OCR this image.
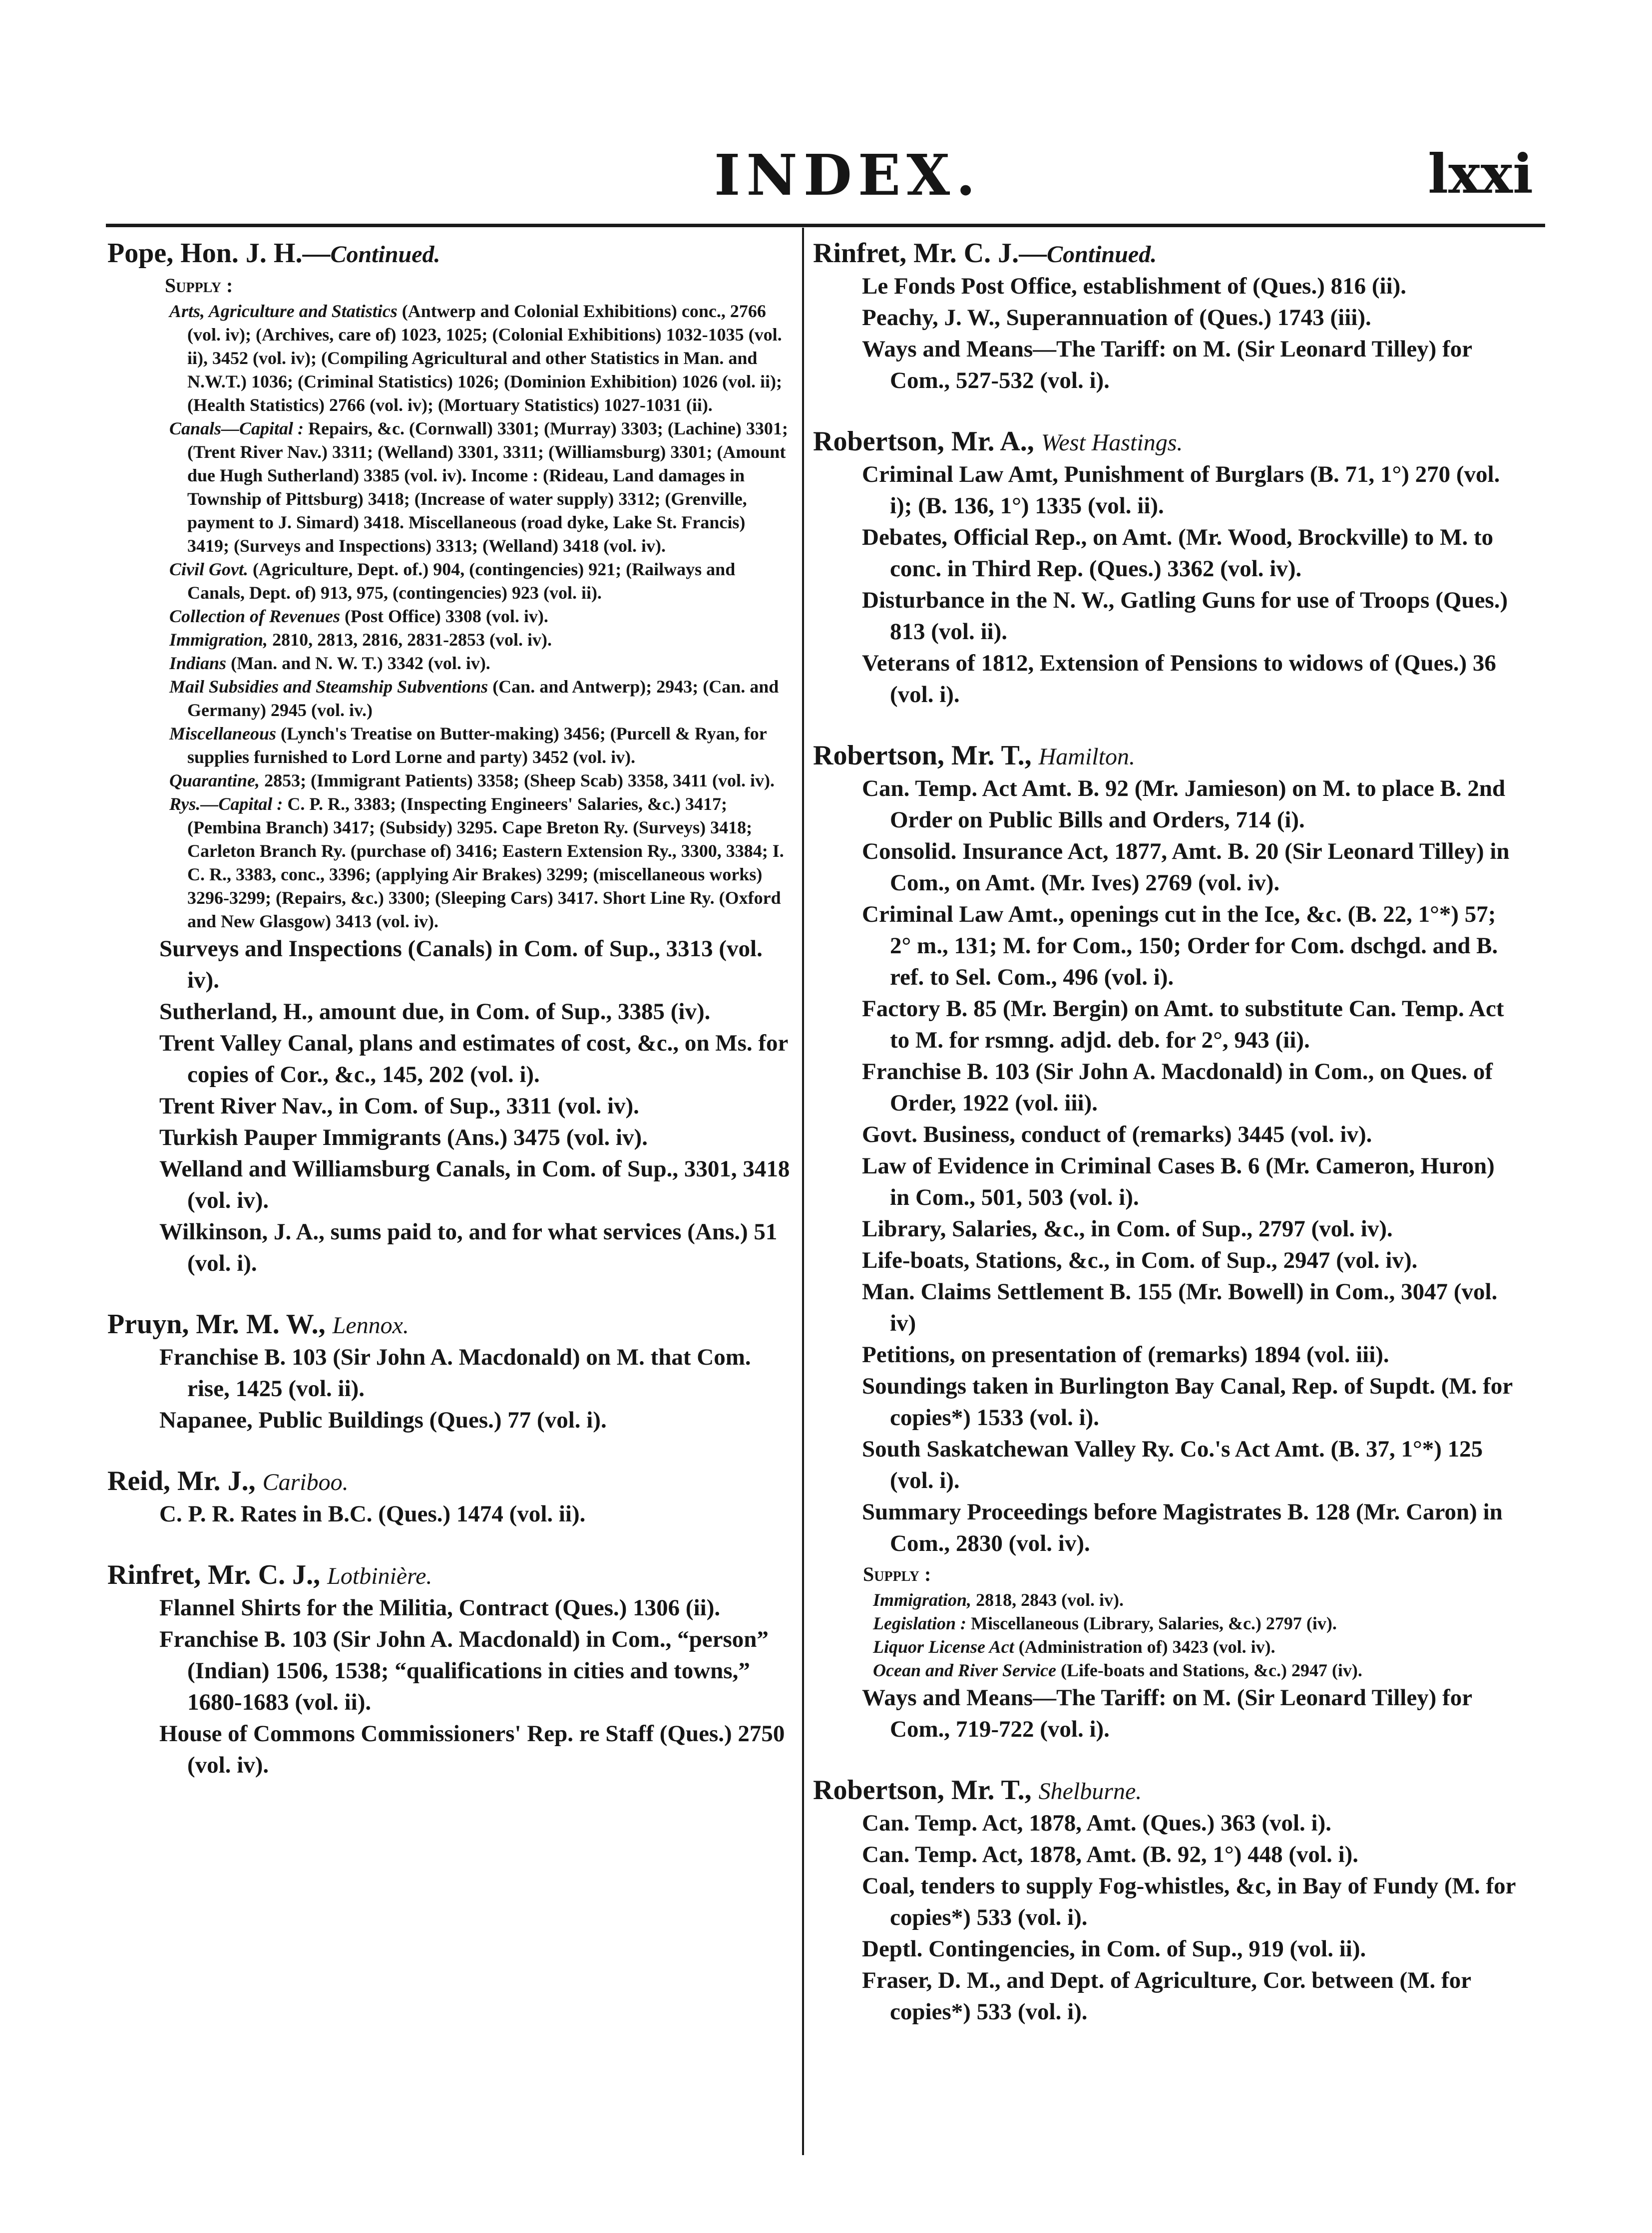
INDEX.	lxxi

Pope, Hon. J. H.—Continued.

Supply :

Arts, Agriculture and Statistics (Antwerp and Colonial Exhibitions) conc., 2766 (vol. iv); (Archives, care of) 1023, 1025; (Colonial Exhibitions) 1032-1035 (vol. ii), 3452 (vol. iv); (Compiling Agricultural and other Statistics in Man. and N.W.T.) 1036; (Criminal Statistics) 1026; (Dominion Exhibition) 1026 (vol. ii); (Health Statistics) 2766 (vol. iv); (Mortuary Statistics) 1027-1031 (ii).

Canals—Capital : Repairs, &c. (Cornwall) 3301; (Murray) 3303; (Lachine) 3301; (Trent River Nav.) 3311; (Welland) 3301, 3311; (Williamsburg) 3301; (Amount due Hugh Sutherland) 3385 (vol. iv). Income : (Rideau, Land damages in Township of Pittsburg) 3418; (Increase of water supply) 3312; (Grenville, payment to J. Simard) 3418. Miscellaneous (road dyke, Lake St. Francis) 3419; (Surveys and Inspections) 3313; (Welland) 3418 (vol. iv).

Civil Govt. (Agriculture, Dept. of.) 904, (contingencies) 921; (Railways and Canals, Dept. of) 913, 975, (contingencies) 923 (vol. ii).

Collection of Revenues (Post Office) 3308 (vol. iv).

Immigration, 2810, 2813, 2816, 2831-2853 (vol. iv).

Indians (Man. and N. W. T.) 3342 (vol. iv).

Mail Subsidies and Steamship Subventions (Can. and Antwerp); 2943; (Can. and Germany) 2945 (vol. iv.)

Miscellaneous (Lynch's Treatise on Butter-making) 3456; (Purcell & Ryan, for supplies furnished to Lord Lorne and party) 3452 (vol. iv).

Quarantine, 2853; (Immigrant Patients) 3358; (Sheep Scab) 3358, 3411 (vol. iv).

Rys.—Capital : C. P. R., 3383; (Inspecting Engineers' Salaries, &c.) 3417; (Pembina Branch) 3417; (Subsidy) 3295. Cape Breton Ry. (Surveys) 3418; Carleton Branch Ry. (purchase of) 3416; Eastern Extension Ry., 3300, 3384; I. C. R., 3383, conc., 3396; (applying Air Brakes) 3299; (miscellaneous works) 3296-3299; (Repairs, &c.) 3300; (Sleeping Cars) 3417. Short Line Ry. (Oxford and New Glasgow) 3413 (vol. iv).

Surveys and Inspections (Canals) in Com. of Sup., 3313 (vol. iv).

Sutherland, H., amount due, in Com. of Sup., 3385 (iv).

Trent Valley Canal, plans and estimates of cost, &c., on Ms. for copies of Cor., &c., 145, 202 (vol. i).

Trent River Nav., in Com. of Sup., 3311 (vol. iv).

Turkish Pauper Immigrants (Ans.) 3475 (vol. iv).

Welland and Williamsburg Canals, in Com. of Sup., 3301, 3418 (vol. iv).

Wilkinson, J. A., sums paid to, and for what services (Ans.) 51 (vol. i).

Pruyn, Mr. M. W., Lennox.

Franchise B. 103 (Sir John A. Macdonald) on M. that Com. rise, 1425 (vol. ii).

Napanee, Public Buildings (Ques.) 77 (vol. i).

Reid, Mr. J., Cariboo.

C. P. R. Rates in B.C. (Ques.) 1474 (vol. ii).

Rinfret, Mr. C. J., Lotbinière.

Flannel Shirts for the Militia, Contract (Ques.) 1306 (ii).

Franchise B. 103 (Sir John A. Macdonald) in Com., “person” (Indian) 1506, 1538; “qualifications in cities and towns,” 1680-1683 (vol. ii).

House of Commons Commissioners' Rep. re Staff (Ques.) 2750 (vol. iv).

Rinfret, Mr. C. J.—Continued.

Le Fonds Post Office, establishment of (Ques.) 816 (ii).

Peachy, J. W., Superannuation of (Ques.) 1743 (iii).

Ways and Means—The Tariff: on M. (Sir Leonard Tilley) for Com., 527-532 (vol. i).

Robertson, Mr. A., West Hastings.

Criminal Law Amt, Punishment of Burglars (B. 71, 1°) 270 (vol. i); (B. 136, 1°) 1335 (vol. ii).

Debates, Official Rep., on Amt. (Mr. Wood, Brockville) to M. to conc. in Third Rep. (Ques.) 3362 (vol. iv).

Disturbance in the N. W., Gatling Guns for use of Troops (Ques.) 813 (vol. ii).

Veterans of 1812, Extension of Pensions to widows of (Ques.) 36 (vol. i).

Robertson, Mr. T., Hamilton.

Can. Temp. Act Amt. B. 92 (Mr. Jamieson) on M. to place B. 2nd Order on Public Bills and Orders, 714 (i).

Consolid. Insurance Act, 1877, Amt. B. 20 (Sir Leonard Tilley) in Com., on Amt. (Mr. Ives) 2769 (vol. iv).

Criminal Law Amt., openings cut in the Ice, &c. (B. 22, 1°*) 57; 2° m., 131; M. for Com., 150; Order for Com. dschgd. and B. ref. to Sel. Com., 496 (vol. i).

Factory B. 85 (Mr. Bergin) on Amt. to substitute Can. Temp. Act to M. for rsmng. adjd. deb. for 2°, 943 (ii).

Franchise B. 103 (Sir John A. Macdonald) in Com., on Ques. of Order, 1922 (vol. iii).

Govt. Business, conduct of (remarks) 3445 (vol. iv).

Law of Evidence in Criminal Cases B. 6 (Mr. Cameron, Huron) in Com., 501, 503 (vol. i).

Library, Salaries, &c., in Com. of Sup., 2797 (vol. iv).

Life-boats, Stations, &c., in Com. of Sup., 2947 (vol. iv).

Man. Claims Settlement B. 155 (Mr. Bowell) in Com., 3047 (vol. iv)

Petitions, on presentation of (remarks) 1894 (vol. iii).

Soundings taken in Burlington Bay Canal, Rep. of Supdt. (M. for copies*) 1533 (vol. i).

South Saskatchewan Valley Ry. Co.'s Act Amt. (B. 37, 1°*) 125 (vol. i).

Summary Proceedings before Magistrates B. 128 (Mr. Caron) in Com., 2830 (vol. iv).

Supply :

Immigration, 2818, 2843 (vol. iv).

Legislation : Miscellaneous (Library, Salaries, &c.) 2797 (iv).

Liquor License Act (Administration of) 3423 (vol. iv).

Ocean and River Service (Life-boats and Stations, &c.) 2947 (iv).

Ways and Means—The Tariff: on M. (Sir Leonard Tilley) for Com., 719-722 (vol. i).

Robertson, Mr. T., Shelburne.

Can. Temp. Act, 1878, Amt. (Ques.) 363 (vol. i).

Can. Temp. Act, 1878, Amt. (B. 92, 1°) 448 (vol. i).

Coal, tenders to supply Fog-whistles, &c, in Bay of Fundy (M. for copies*) 533 (vol. i).

Deptl. Contingencies, in Com. of Sup., 919 (vol. ii).

Fraser, D. M., and Dept. of Agriculture, Cor. between (M. for copies*) 533 (vol. i).
